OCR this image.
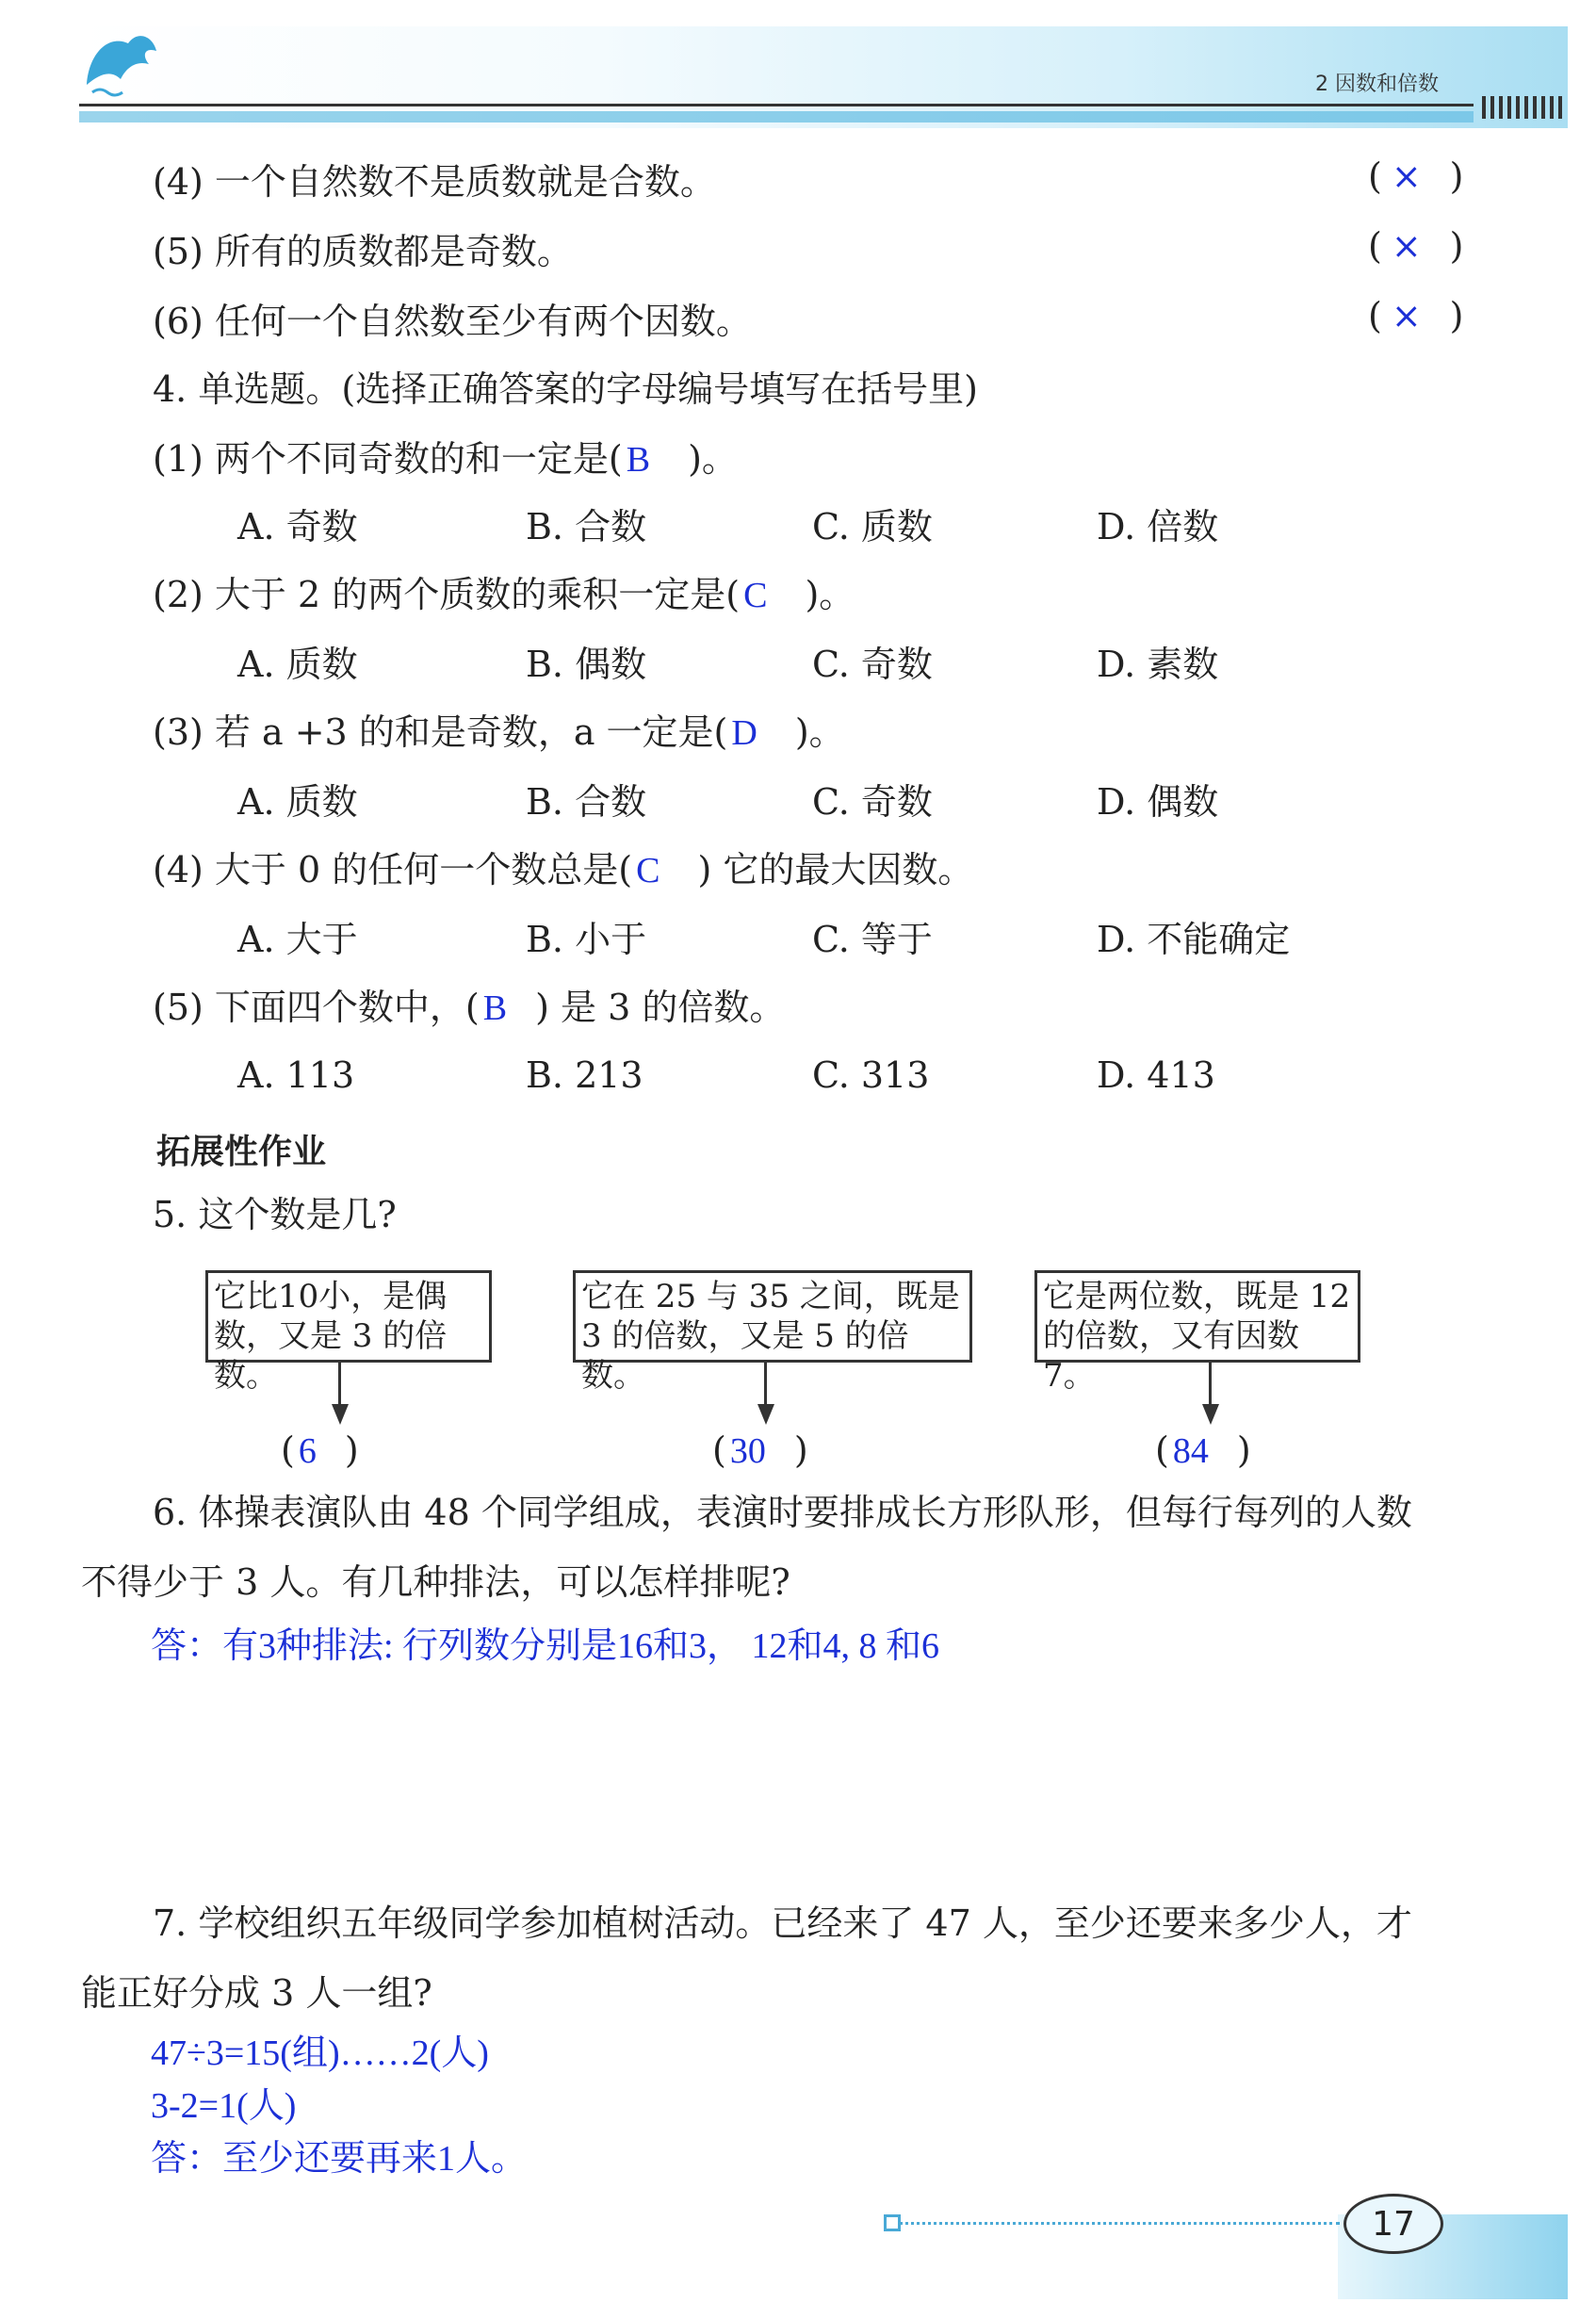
2 因数和倍数
(4) 一个自然数不是质数就是合数。	( × )
(5) 所有的质数都是奇数。	( × )
(6) 任何一个自然数至少有两个因数。	( × )
4. 单选题。(选择正确答案的字母编号填写在括号里)
(1) 两个不同奇数的和一定是( B )。
A. 奇数	B. 合数	C. 质数	D. 倍数
(2) 大于 2 的两个质数的乘积一定是( C )。
A. 质数	B. 偶数	C. 奇数	D. 素数
(3) 若 a +3 的和是奇数，a 一定是( D )。
A. 质数	B. 合数	C. 奇数	D. 偶数
(4) 大于 0 的任何一个数总是( C ) 它的最大因数。
A. 大于	B. 小于	C. 等于	D. 不能确定
(5) 下面四个数中，( B ) 是 3 的倍数。
A. 113	B. 213	C. 313	D. 413
拓展性作业
5. 这个数是几?
它比10小，是偶数，又是 3 的倍数。
它在 25 与 35 之间，既是 3 的倍数，又是 5 的倍数。
它是两位数，既是 12 的倍数，又有因数 7。
( 6 )	( 30 )	( 84 )
6. 体操表演队由 48 个同学组成，表演时要排成长方形队形，但每行每列的人数
不得少于 3 人。有几种排法，可以怎样排呢?
答：有3种排法: 行列数分别是16和3， 12和4, 8 和6
7. 学校组织五年级同学参加植树活动。已经来了 47 人，至少还要来多少人，才
能正好分成 3 人一组?
47÷3=15(组)……2(人)
3-2=1(人)
答：至少还要再来1人。
17
